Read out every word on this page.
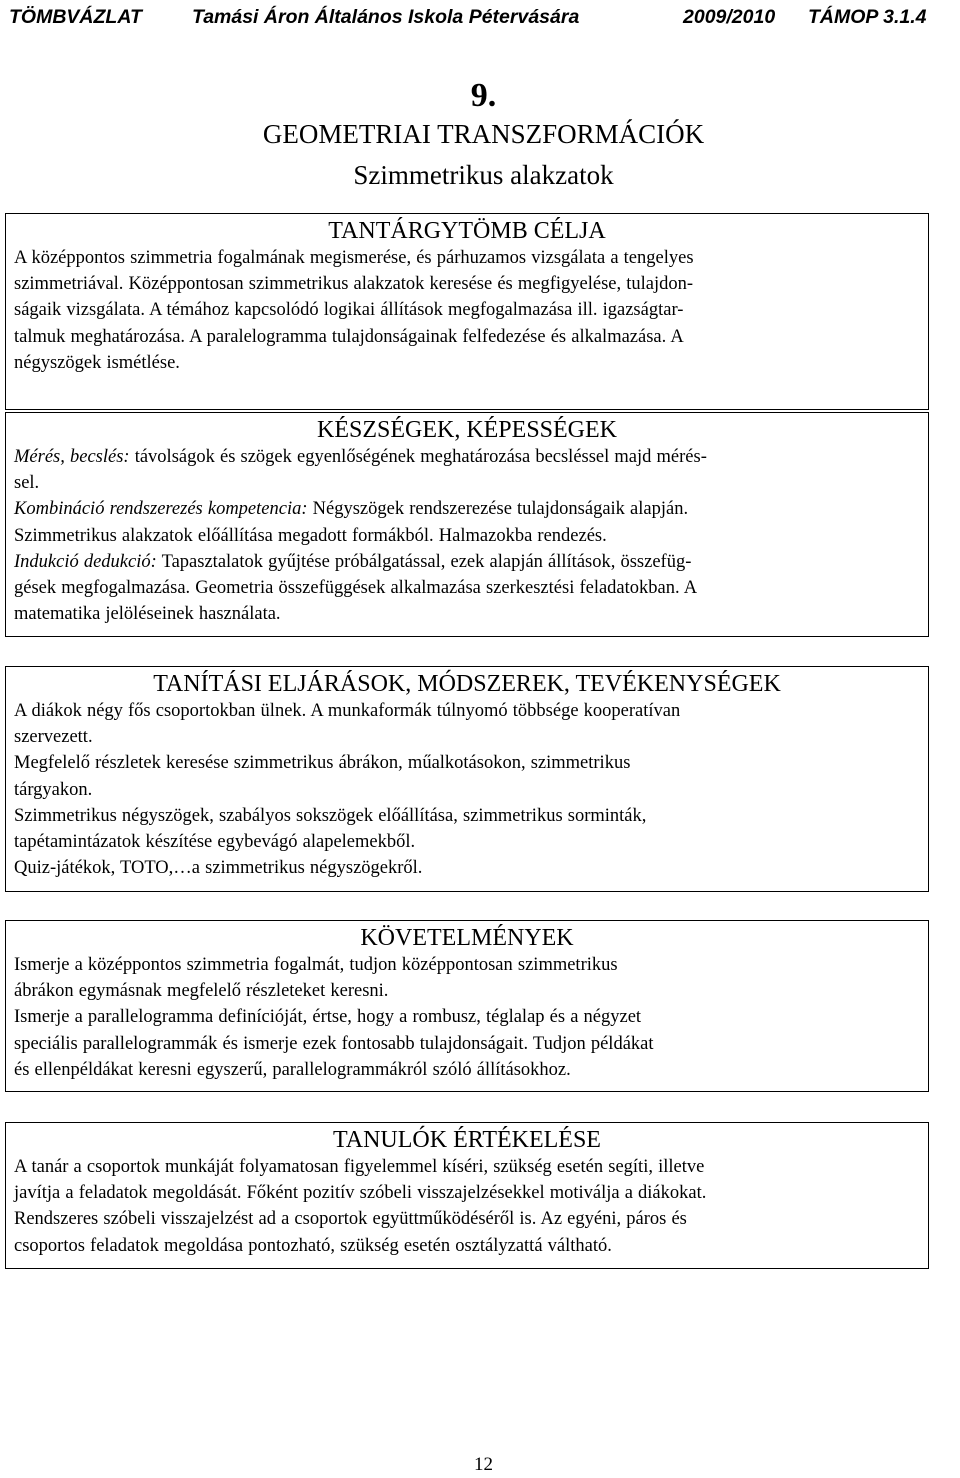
TÖMBVÁZLAT	Tamási Áron Általános Iskola Pétervására	2009/2010 TÁMOP 3.1.4
9.
GEOMETRIAI TRANSZFORMÁCIÓK
Szimmetrikus alakzatok
TANTÁRGYTÖMB CÉLJA

A középpontos szimmetria fogalmának megismerése, és párhuzamos vizsgálata a tengelyes

szimmetriával. Középpontosan szimmetrikus alakzatok keresése és megfigyelése, tulajdon-

ságaik vizsgálata. A témához kapcsolódó logikai állítások megfogalmazása ill. igazságtar-

talmuk meghatározása. A paralelogramma tulajdonságainak felfedezése és alkalmazása. A

négyszögek ismétlése.

KÉSZSÉGEK, KÉPESSÉGEK

Mérés, becslés: távolságok és szögek egyenlőségének meghatározása becsléssel majd mérés-

sel.

Kombináció rendszerezés kompetencia: Négyszögek rendszerezése tulajdonságaik alapján.

Szimmetrikus alakzatok előállítása megadott formákból. Halmazokba rendezés.

Indukció dedukció: Tapasztalatok gyűjtése próbálgatással, ezek alapján állítások, összefüg-

gések megfogalmazása. Geometria összefüggések alkalmazása szerkesztési feladatokban. A

matematika jelöléseinek használata.

TANÍTÁSI ELJÁRÁSOK, MÓDSZEREK, TEVÉKENYSÉGEK

A diákok négy fős csoportokban ülnek. A munkaformák túlnyomó többsége kooperatívan

szervezett.

Megfelelő részletek keresése szimmetrikus ábrákon, műalkotásokon, szimmetrikus

tárgyakon.

Szimmetrikus négyszögek, szabályos sokszögek előállítása, szimmetrikus sorminták,

tapétamintázatok készítése egybevágó alapelemekből.

Quiz-játékok, TOTO,…a szimmetrikus négyszögekről.

KÖVETELMÉNYEK

Ismerje a középpontos szimmetria fogalmát, tudjon középpontosan szimmetrikus

ábrákon egymásnak megfelelő részleteket keresni.

Ismerje a parallelogramma definícióját, értse, hogy a rombusz, téglalap és a négyzet

speciális parallelogrammák és ismerje ezek fontosabb tulajdonságait. Tudjon példákat

és ellenpéldákat keresni egyszerű, parallelogrammákról szóló állításokhoz.

TANULÓK ÉRTÉKELÉSE

A tanár a csoportok munkáját folyamatosan figyelemmel kíséri, szükség esetén segíti, illetve

javítja a feladatok megoldását. Főként pozitív szóbeli visszajelzésekkel motiválja a diákokat.

Rendszeres szóbeli visszajelzést ad a csoportok együttműködéséről is. Az egyéni, páros és

csoportos feladatok megoldása pontozható, szükség esetén osztályzattá váltható.

12
